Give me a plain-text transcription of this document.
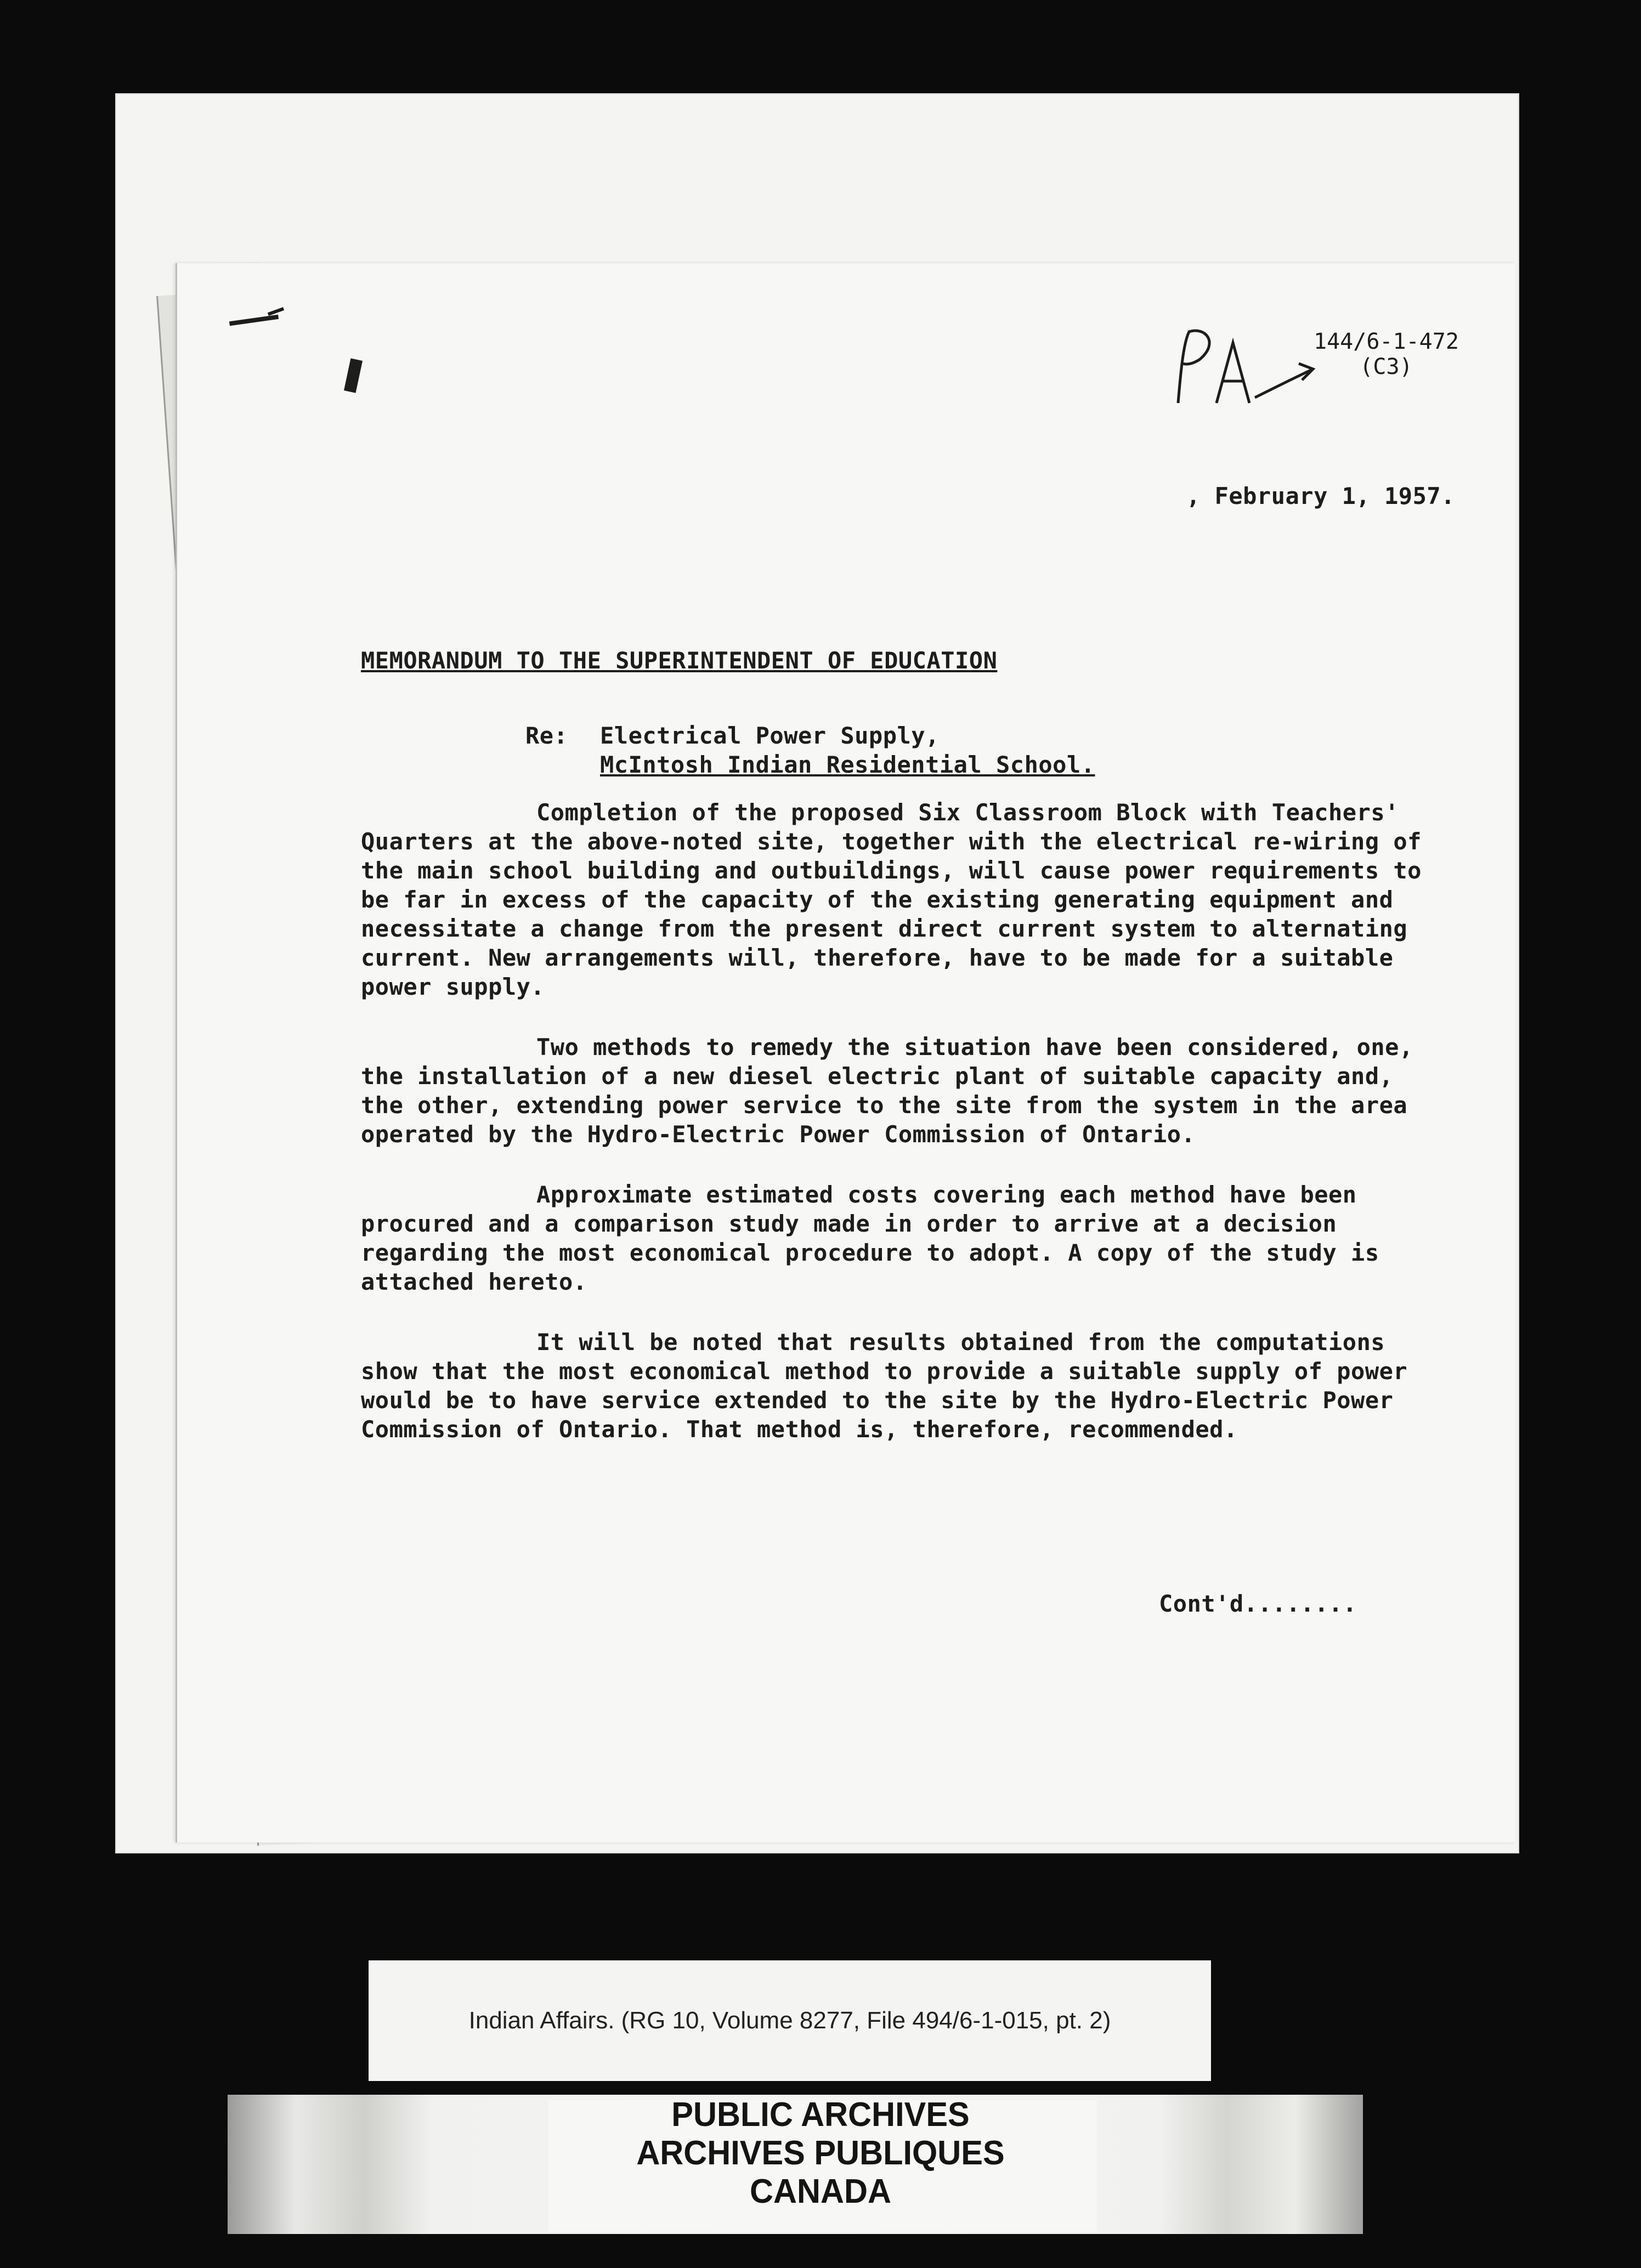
144/6-1-472
(C3)
, February 1, 1957.
MEMORANDUM TO THE SUPERINTENDENT OF EDUCATION
Re: Electrical Power Supply,
McIntosh Indian Residential School.

Completion of the proposed Six Classroom Block with Teachers' Quarters at the above-noted site, together with the electrical re-wiring of the main school building and outbuildings, will cause power requirements to be far in excess of the capacity of the existing generating equipment and necessitate a change from the present direct current system to alternating current. New arrangements will, therefore, have to be made for a suitable power supply.

Two methods to remedy the situation have been considered, one, the installation of a new diesel electric plant of suitable capacity and, the other, extending power service to the site from the system in the area operated by the Hydro-Electric Power Commission of Ontario.

Approximate estimated costs covering each method have been procured and a comparison study made in order to arrive at a decision regarding the most economical procedure to adopt. A copy of the study is attached hereto.

It will be noted that results obtained from the computations show that the most economical method to provide a suitable supply of power would be to have service extended to the site by the Hydro-Electric Power Commission of Ontario. That method is, therefore, recommended.

Cont'd........
Indian Affairs. (RG 10, Volume 8277, File 494/6-1-015, pt. 2)
PUBLIC ARCHIVES
ARCHIVES PUBLIQUES
CANADA
